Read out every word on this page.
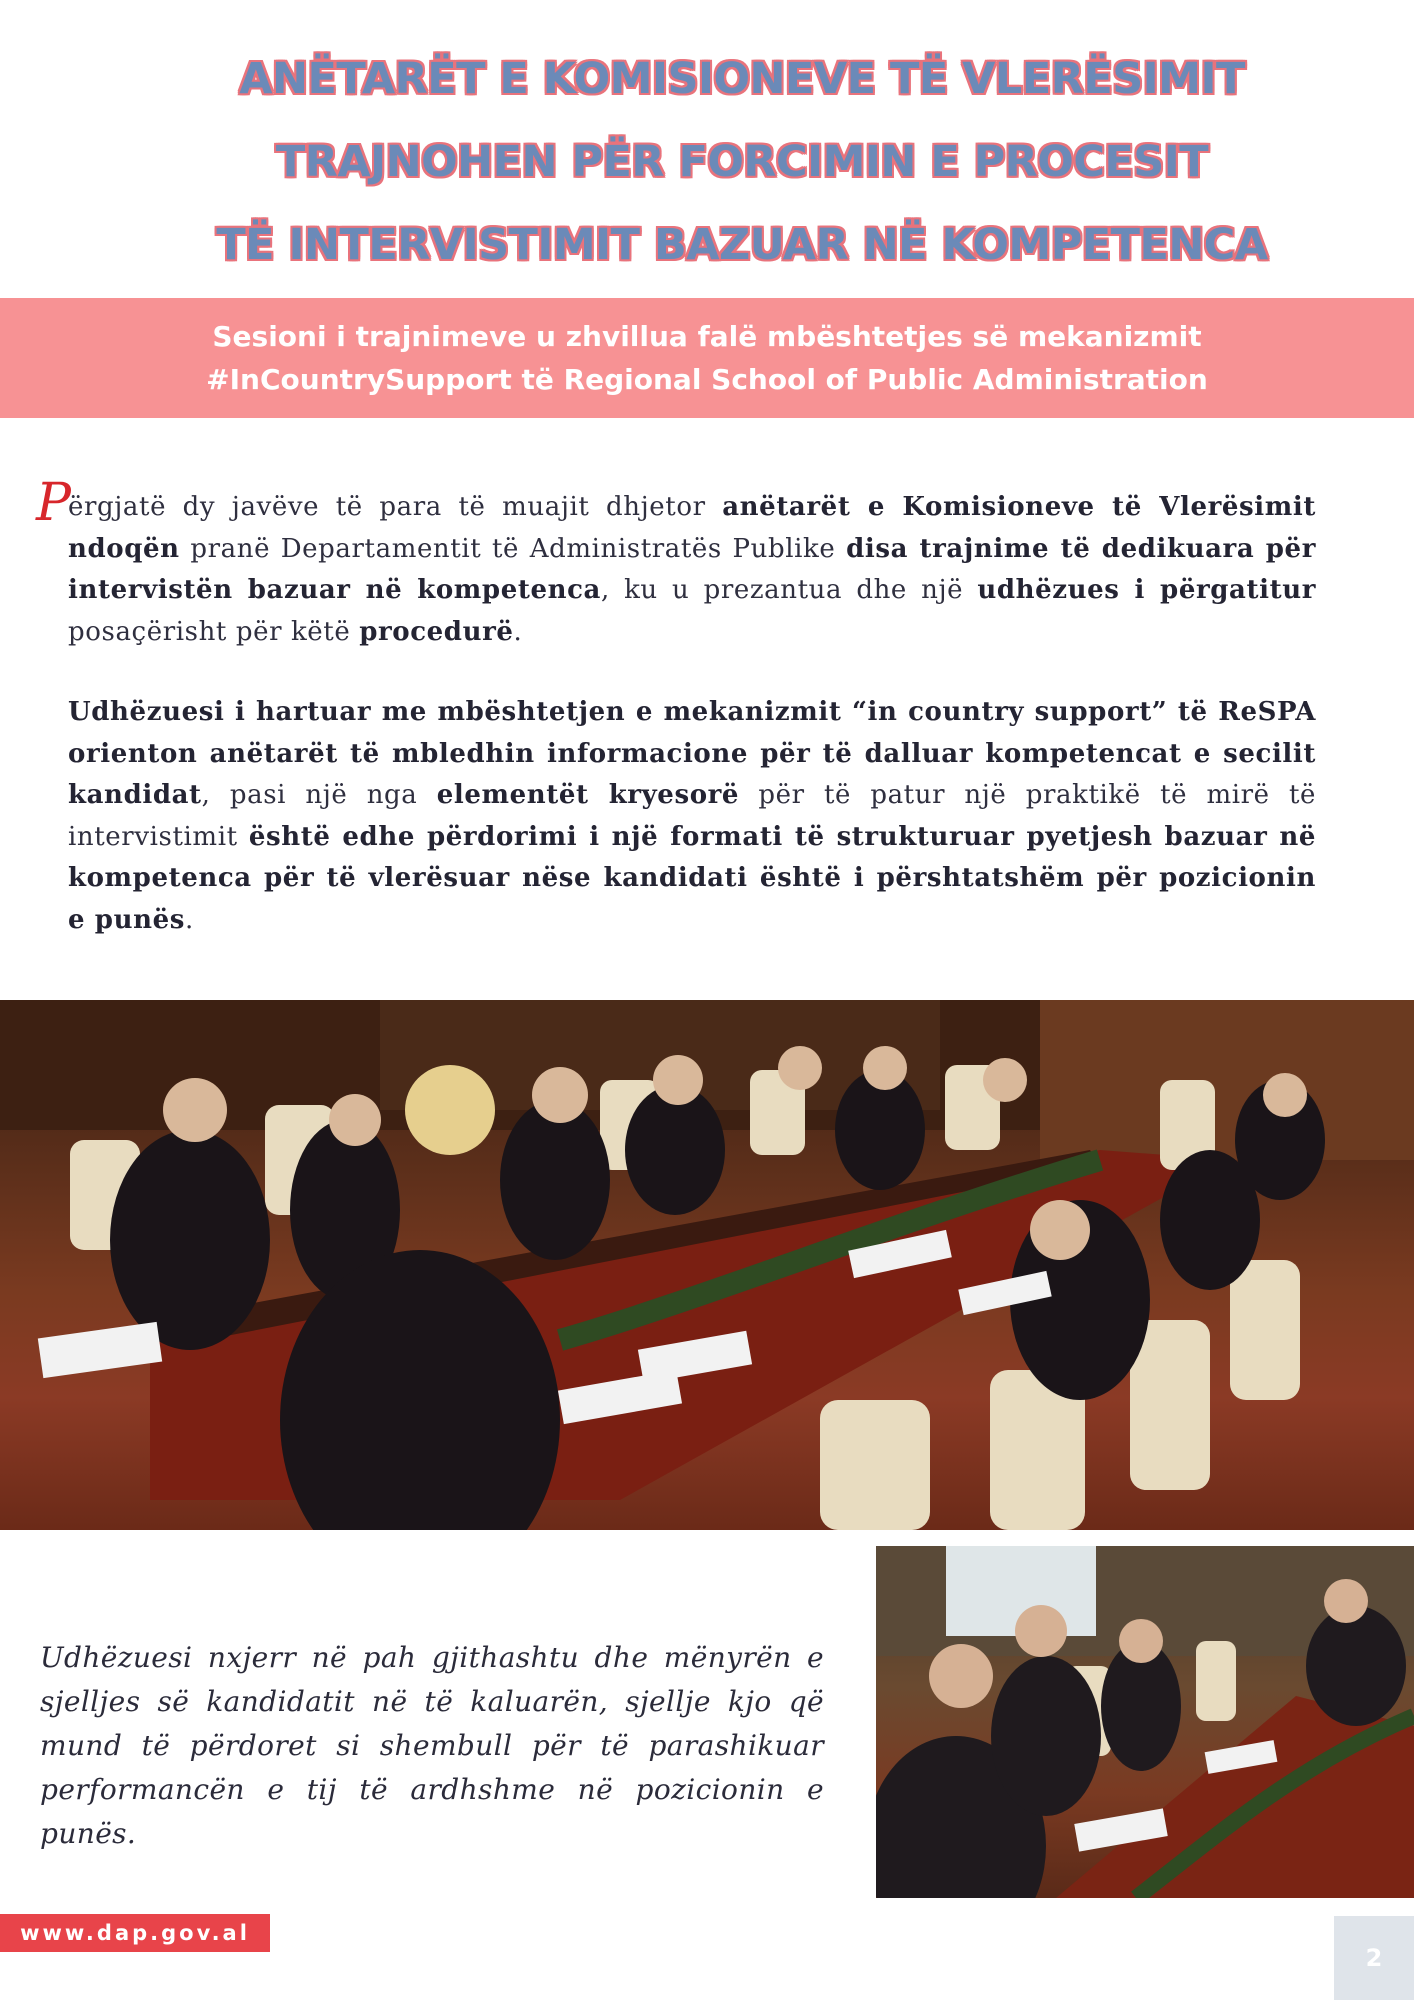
ANËTARËT E KOMISIONEVE TË VLERËSIMIT
TRAJNOHEN PËR FORCIMIN E PROCESIT
TË INTERVISTIMIT BAZUAR NË KOMPETENCA
Sesioni i trajnimeve u zhvillua falë mbështetjes së mekanizmit
#InCountrySupport të Regional School of Public Administration
P
ërgjatë dy javëve të para të muajit dhjetor anëtarët e Komisioneve të Vlerësimit ndoqën pranë Departamentit të Administratës Publike disa trajnime të dedikuara për intervistën bazuar në kompetenca, ku u prezantua dhe një udhëzues i përgatitur posaçërisht për këtë procedurë.
Udhëzuesi i hartuar me mbështetjen e mekanizmit “in country support” të ReSPA orienton anëtarët të mbledhin informacione për të dalluar kompetencat e secilit kandidat, pasi një nga elementët kryesorë për të patur një praktikë të mirë të intervistimit është edhe përdorimi i një formati të strukturuar pyetjesh bazuar në kompetenca për të vlerësuar nëse kandidati është i përshtatshëm për pozicionin e punës.
Udhëzuesi nxjerr në pah gjithashtu dhe mënyrën e sjelljes së kandidatit në të kaluarën, sjellje kjo që mund të përdoret si shembull për të parashikuar performancën e tij të ardhshme në pozicionin e punës.
www.dap.gov.al
2
